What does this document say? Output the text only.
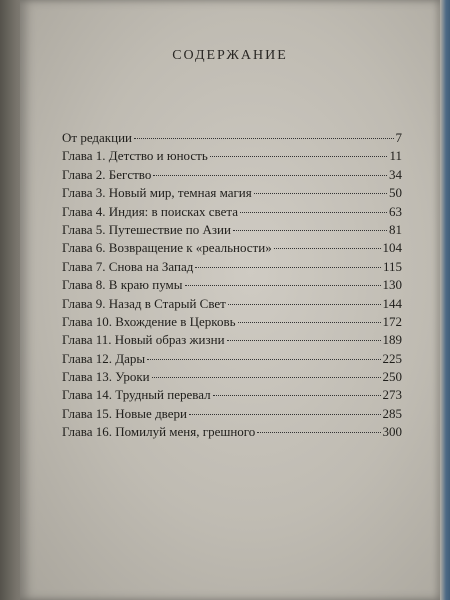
СОДЕРЖАНИЕ
От редакции	7
Глава 1. Детство и юность	11
Глава 2. Бегство	34
Глава 3. Новый мир, темная магия	50
Глава 4. Индия: в поисках света	63
Глава 5. Путешествие по Азии	81
Глава 6. Возвращение к «реальности»	104
Глава 7. Снова на Запад	115
Глава 8. В краю пумы	130
Глава 9. Назад в Старый Свет	144
Глава 10. Вхождение в Церковь	172
Глава 11. Новый образ жизни	189
Глава 12. Дары	225
Глава 13. Уроки	250
Глава 14. Трудный перевал	273
Глава 15. Новые двери	285
Глава 16. Помилуй меня, грешного	300
